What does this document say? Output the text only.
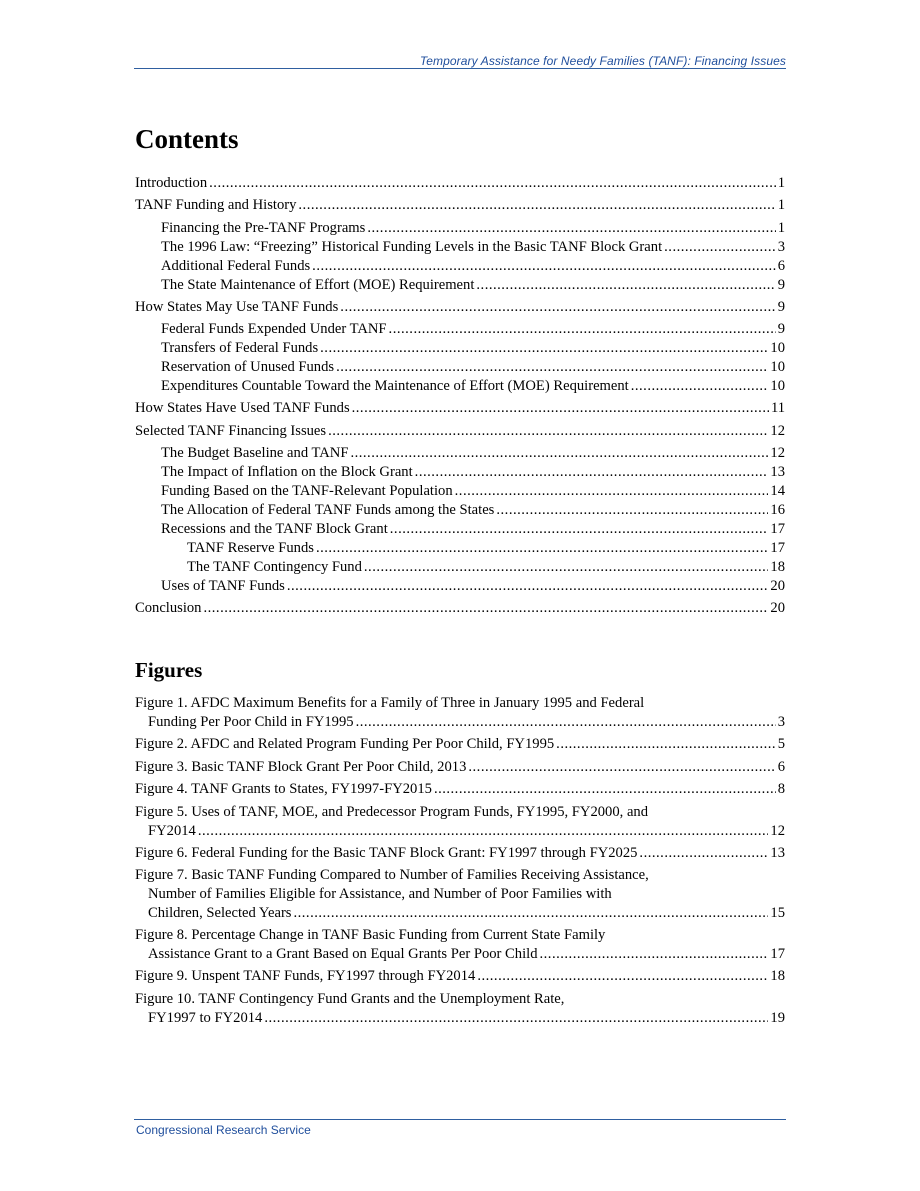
Temporary Assistance for Needy Families (TANF): Financing Issues
Contents
Introduction .....	1
TANF Funding and History .....	1
Financing the Pre-TANF Programs .....	1
The 1996 Law: “Freezing” Historical Funding Levels in the Basic TANF Block Grant .....	3
Additional Federal Funds .....	6
The State Maintenance of Effort (MOE) Requirement .....	9
How States May Use TANF Funds .....	9
Federal Funds Expended Under TANF .....	9
Transfers of Federal Funds .....	10
Reservation of Unused Funds .....	10
Expenditures Countable Toward the Maintenance of Effort (MOE) Requirement .....	10
How States Have Used TANF Funds .....	11
Selected TANF Financing Issues .....	12
The Budget Baseline and TANF .....	12
The Impact of Inflation on the Block Grant .....	13
Funding Based on the TANF-Relevant Population .....	14
The Allocation of Federal TANF Funds among the States .....	16
Recessions and the TANF Block Grant .....	17
TANF Reserve Funds .....	17
The TANF Contingency Fund .....	18
Uses of TANF Funds .....	20
Conclusion .....	20
Figures
Figure 1. AFDC Maximum Benefits for a Family of Three in January 1995 and Federal
Funding Per Poor Child in FY1995 .....	3
Figure 2. AFDC and Related Program Funding Per Poor Child, FY1995 .....	5
Figure 3. Basic TANF Block Grant Per Poor Child, 2013 .....	6
Figure 4. TANF Grants to States, FY1997-FY2015 .....	8
Figure 5. Uses of TANF, MOE, and Predecessor Program Funds, FY1995, FY2000, and
FY2014 .....	12
Figure 6. Federal Funding for the Basic TANF Block Grant: FY1997 through FY2025 .....	13
Figure 7. Basic TANF Funding Compared to Number of Families Receiving Assistance,
Number of Families Eligible for Assistance, and Number of Poor Families with
Children, Selected Years .....	15
Figure 8. Percentage Change in TANF Basic Funding from Current State Family
Assistance Grant to a Grant Based on Equal Grants Per Poor Child .....	17
Figure 9. Unspent TANF Funds, FY1997 through FY2014 .....	18
Figure 10. TANF Contingency Fund Grants and the Unemployment Rate,
FY1997 to FY2014 .....	19
Congressional Research Service
